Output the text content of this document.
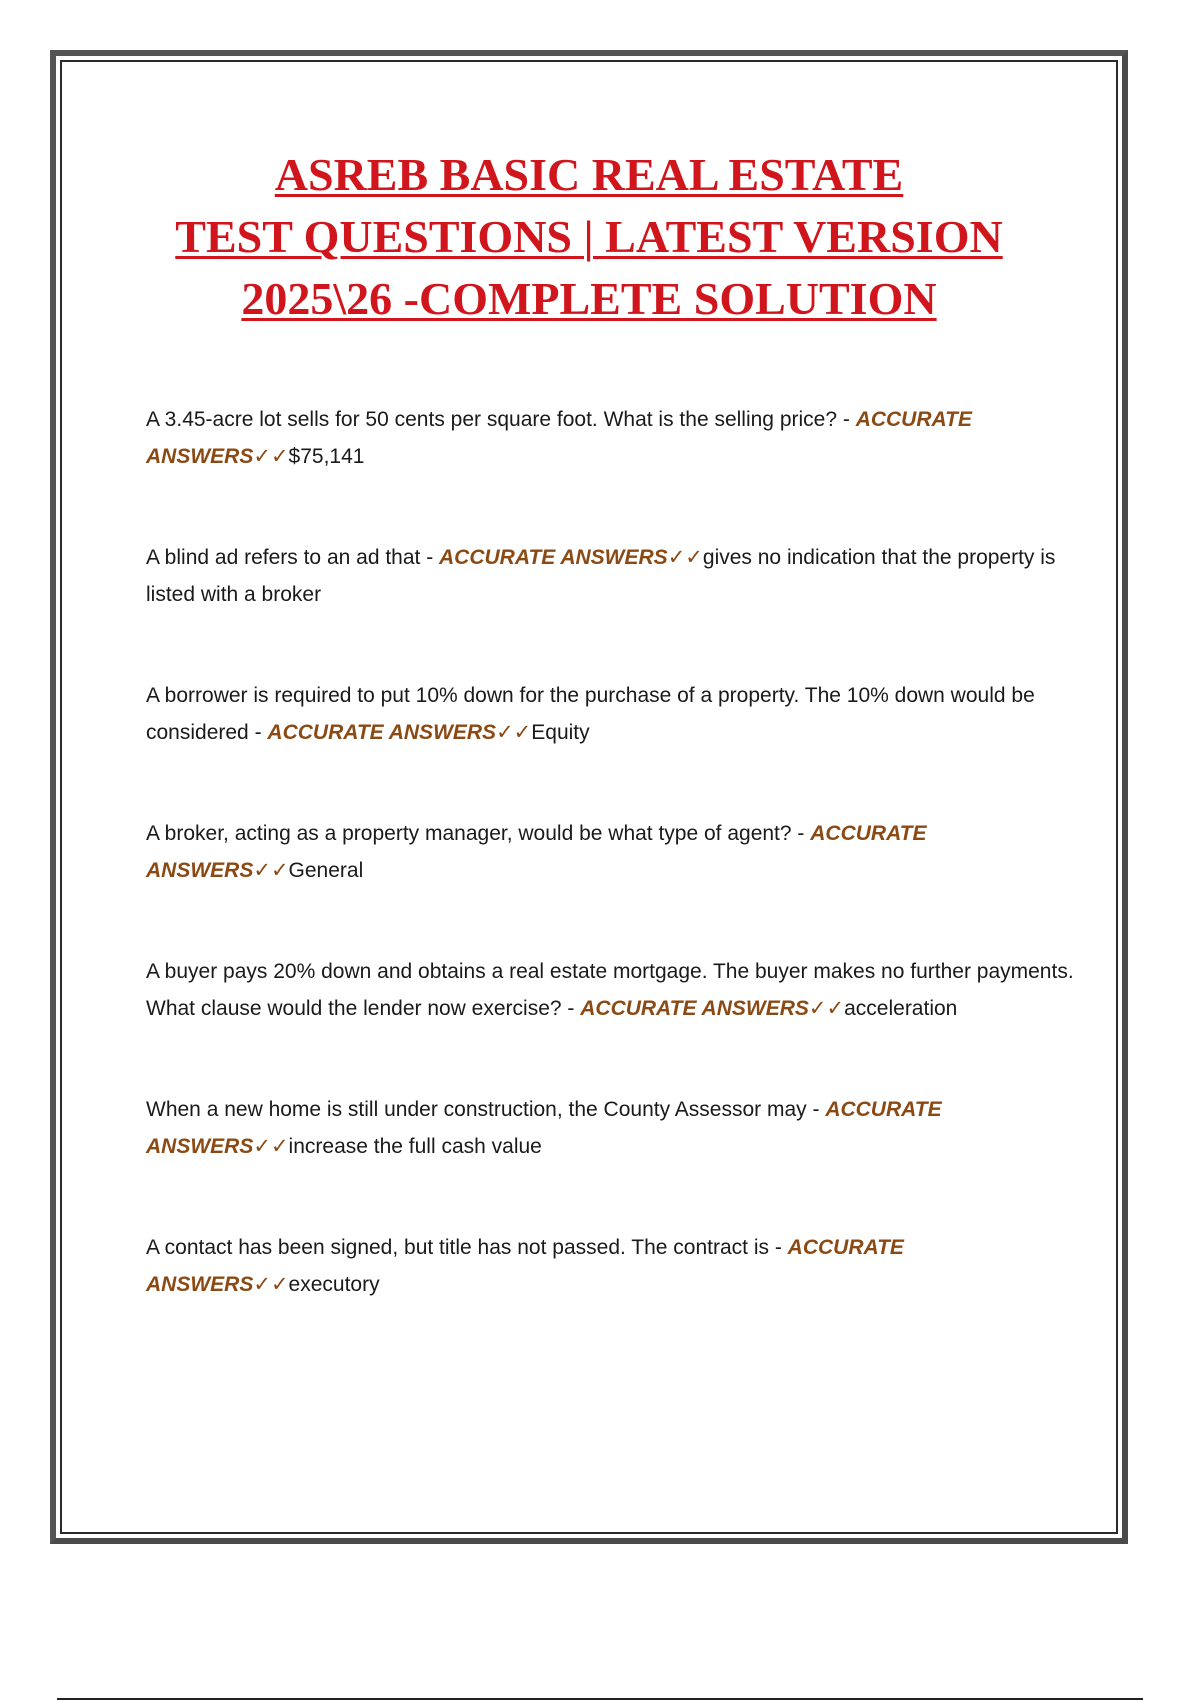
ASREB BASIC REAL ESTATE
TEST QUESTIONS | LATEST VERSION
2025\26 -COMPLETE SOLUTION
A 3.45-acre lot sells for 50 cents per square foot. What is the selling price? - ACCURATE ANSWERS✓✓$75,141
A blind ad refers to an ad that - ACCURATE ANSWERS✓✓gives no indication that the property is listed with a broker
A borrower is required to put 10% down for the purchase of a property. The 10% down would be considered - ACCURATE ANSWERS✓✓Equity
A broker, acting as a property manager, would be what type of agent? - ACCURATE ANSWERS✓✓General
A buyer pays 20% down and obtains a real estate mortgage. The buyer makes no further payments. What clause would the lender now exercise? - ACCURATE ANSWERS✓✓acceleration
When a new home is still under construction, the County Assessor may - ACCURATE ANSWERS✓✓increase the full cash value
A contact has been signed, but title has not passed. The contract is - ACCURATE ANSWERS✓✓executory
